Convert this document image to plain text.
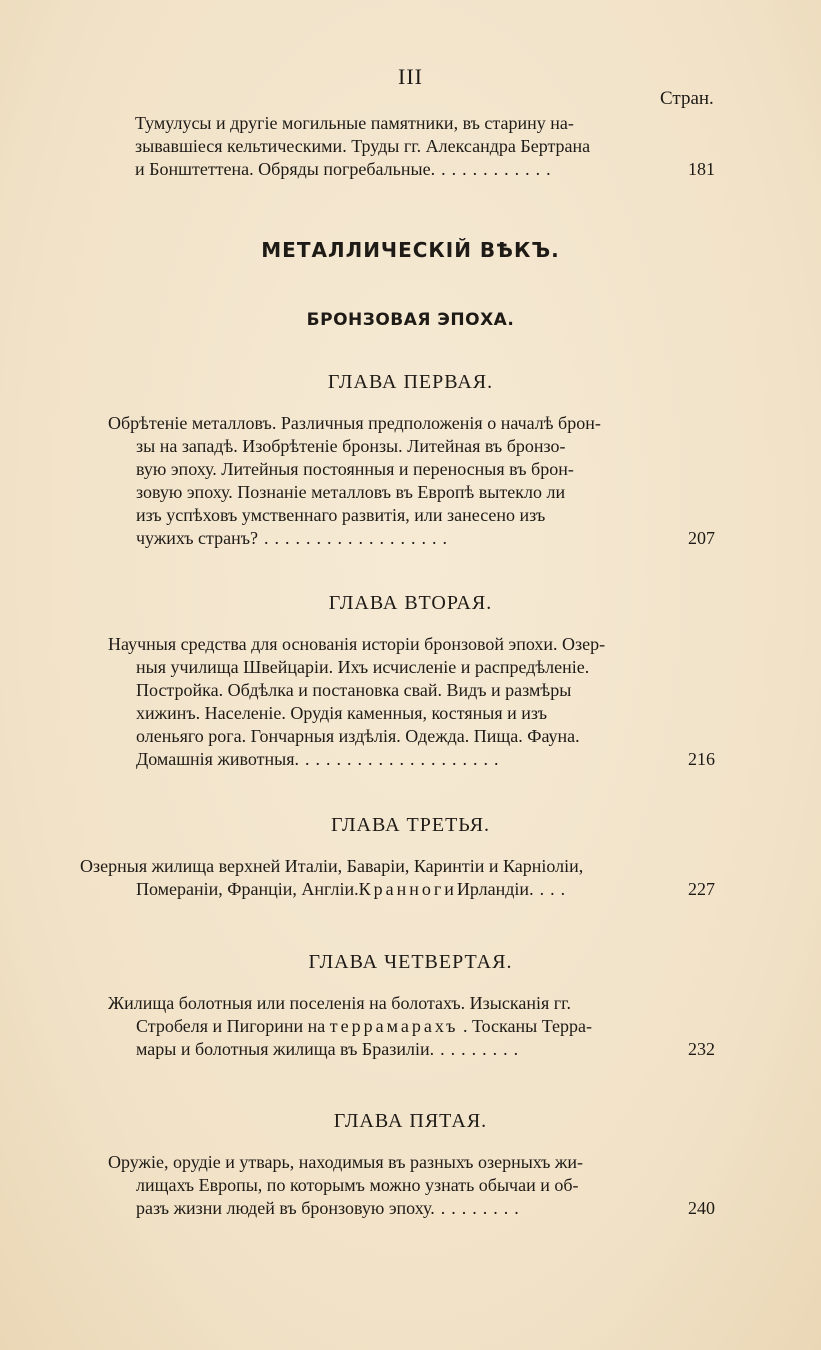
III
Стран.
Тумулусы и другіе могильные памятники, въ старину на-
зывавшіеся кельтическими. Труды гг. Александра Бертрана
и Бонштеттена. Обряды погребальные. ...........	181
МЕТАЛЛИЧЕСКІЙ ВѢКЪ.
БРОНЗОВАЯ ЭПОХА.
ГЛАВА ПЕРВАЯ.
Обрѣтеніе металловъ. Различныя предположенія о началѣ брон-
зы на западѣ. Изобрѣтеніе бронзы. Литейная въ бронзо-
вую эпоху. Литейныя постоянныя и переносныя въ брон-
зовую эпоху. Познаніе металловъ въ Европѣ вытекло ли
изъ успѣховъ умственнаго развитія, или занесено изъ
чужихъ странъ? ..................	207
ГЛАВА ВТОРАЯ.
Научныя средства для основанія исторіи бронзовой эпохи. Озер-
ныя училища Швейцаріи. Ихъ исчисленіе и распредѣленіе.
Постройка. Обдѣлка и постановка свай. Видъ и размѣры
хижинъ. Населеніе. Орудія каменныя, костяныя и изъ
оленьяго рога. Гончарныя издѣлія. Одежда. Пища. Фауна.
Домашнія животныя. ...................	216
ГЛАВА ТРЕТЬЯ.
Озерныя жилища верхней Италіи, Баваріи, Каринтіи и Карніоліи,
Помераніи, Франціи, Англіи. Кранноги Ирландіи. ...	227
ГЛАВА ЧЕТВЕРТАЯ.
Жилища болотныя или поселенія на болотахъ. Изысканія гг.
Стробеля и Пигорини на террамарахъ . Тосканы Терра-
мары и болотныя жилища въ Бразиліи. ........	232
ГЛАВА ПЯТАЯ.
Оружіе, орудіе и утварь, находимыя въ разныхъ озерныхъ жи-
лищахъ Европы, по которымъ можно узнать обычаи и об-
разъ жизни людей въ бронзовую эпоху. ........	240
